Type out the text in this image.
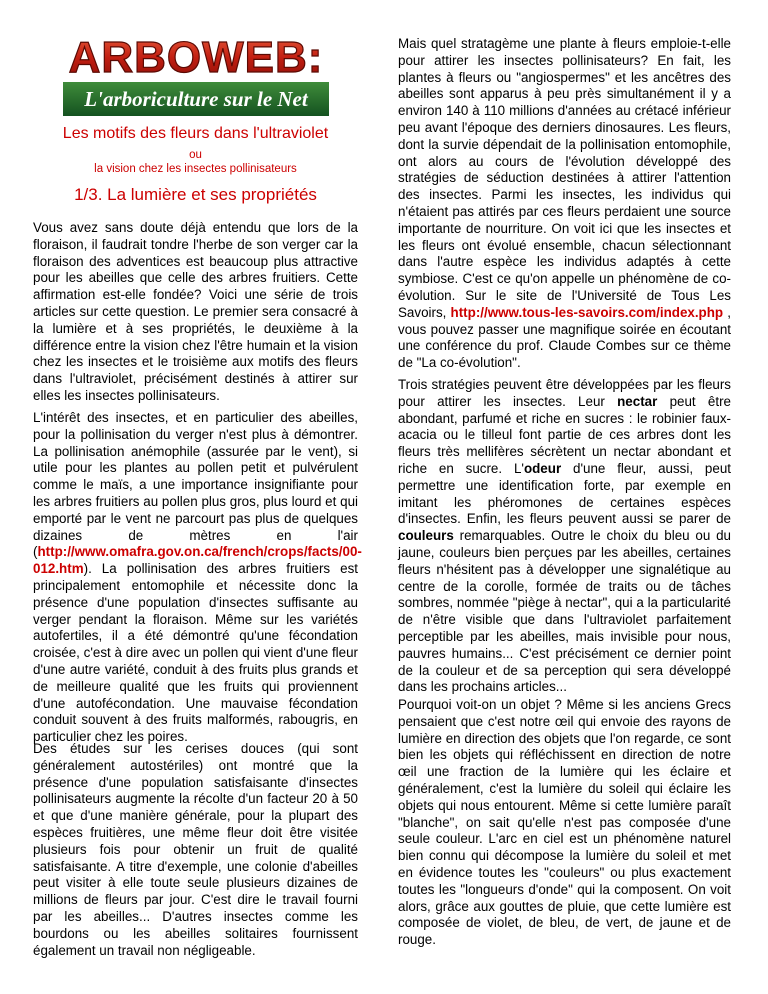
ARBOWEB:
L'arboriculture sur le Net
Les motifs des fleurs dans l'ultraviolet
ou
la vision chez les insectes pollinisateurs
1/3. La lumière et ses propriétés

Vous avez sans doute déjà entendu que lors de la floraison, il faudrait tondre l'herbe de son verger car la floraison des adventices est beaucoup plus attractive pour les abeilles que celle des arbres fruitiers. Cette affirmation est-elle fondée? Voici une série de trois articles sur cette question. Le premier sera consacré à la lumière et à ses propriétés, le deuxième à la différence entre la vision chez l'être humain et la vision chez les insectes et le troisième aux motifs des fleurs dans l'ultraviolet, précisément destinés à attirer sur elles les insectes pollinisateurs.

L'intérêt des insectes, et en particulier des abeilles, pour la pollinisation du verger n'est plus à démontrer. La pollinisation anémophile (assurée par le vent), si utile pour les plantes au pollen petit et pulvérulent comme le maïs, a une importance insignifiante pour les arbres fruitiers au pollen plus gros, plus lourd et qui emporté par le vent ne parcourt pas plus de quelques dizaines de mètres en l'air (http://www.omafra.gov.on.ca/french/crops/facts/00-012.htm). La pollinisation des arbres fruitiers est principalement entomophile et nécessite donc la présence d'une population d'insectes suffisante au verger pendant la floraison. Même sur les variétés autofertiles, il a été démontré qu'une fécondation croisée, c'est à dire avec un pollen qui vient d'une fleur d'une autre variété, conduit à des fruits plus grands et de meilleure qualité que les fruits qui proviennent d'une autofécondation. Une mauvaise fécondation conduit souvent à des fruits malformés, rabougris, en particulier chez les poires.

Des études sur les cerises douces (qui sont généralement autostériles) ont montré que la présence d'une population satisfaisante d'insectes pollinisateurs augmente la récolte d'un facteur 20 à 50 et que d'une manière générale, pour la plupart des espèces fruitières, une même fleur doit être visitée plusieurs fois pour obtenir un fruit de qualité satisfaisante. A titre d'exemple, une colonie d'abeilles peut visiter à elle toute seule plusieurs dizaines de millions de fleurs par jour. C'est dire le travail fourni par les abeilles... D'autres insectes comme les bourdons ou les abeilles solitaires fournissent également un travail non négligeable.

Mais quel stratagème une plante à fleurs emploie-t-elle pour attirer les insectes pollinisateurs? En fait, les plantes à fleurs ou "angiospermes" et les ancêtres des abeilles sont apparus à peu près simultanément il y a environ 140 à 110 millions d'années au crétacé inférieur peu avant l'époque des derniers dinosaures. Les fleurs, dont la survie dépendait de la pollinisation entomophile, ont alors au cours de l'évolution développé des stratégies de séduction destinées à attirer l'attention des insectes. Parmi les insectes, les individus qui n'étaient pas attirés par ces fleurs perdaient une source importante de nourriture. On voit ici que les insectes et les fleurs ont évolué ensemble, chacun sélectionnant dans l'autre espèce les individus adaptés à cette symbiose. C'est ce qu'on appelle un phénomène de co-évolution. Sur le site de l'Université de Tous Les Savoirs, http://www.tous-les-savoirs.com/index.php , vous pouvez passer une magnifique soirée en écoutant une conférence du prof. Claude Combes sur ce thème de "La co-évolution".

Trois stratégies peuvent être développées par les fleurs pour attirer les insectes. Leur nectar peut être abondant, parfumé et riche en sucres : le robinier faux-acacia ou le tilleul font partie de ces arbres dont les fleurs très mellifères sécrètent un nectar abondant et riche en sucre. L'odeur d'une fleur, aussi, peut permettre une identification forte, par exemple en imitant les phéromones de certaines espèces d'insectes. Enfin, les fleurs peuvent aussi se parer de couleurs remarquables. Outre le choix du bleu ou du jaune, couleurs bien perçues par les abeilles, certaines fleurs n'hésitent pas à développer une signalétique au centre de la corolle, formée de traits ou de tâches sombres, nommée "piège à nectar", qui a la particularité de n'être visible que dans l'ultraviolet parfaitement perceptible par les abeilles, mais invisible pour nous, pauvres humains... C'est précisément ce dernier point de la couleur et de sa perception qui sera développé dans les prochains articles...

Pourquoi voit-on un objet ? Même si les anciens Grecs pensaient que c'est notre œil qui envoie des rayons de lumière en direction des objets que l'on regarde, ce sont bien les objets qui réfléchissent en direction de notre œil une fraction de la lumière qui les éclaire et généralement, c'est la lumière du soleil qui éclaire les objets qui nous entourent. Même si cette lumière paraît "blanche", on sait qu'elle n'est pas composée d'une seule couleur. L'arc en ciel est un phénomène naturel bien connu qui décompose la lumière du soleil et met en évidence toutes les "couleurs" ou plus exactement toutes les "longueurs d'onde" qui la composent. On voit alors, grâce aux gouttes de pluie, que cette lumière est composée de violet, de bleu, de vert, de jaune et de rouge.
